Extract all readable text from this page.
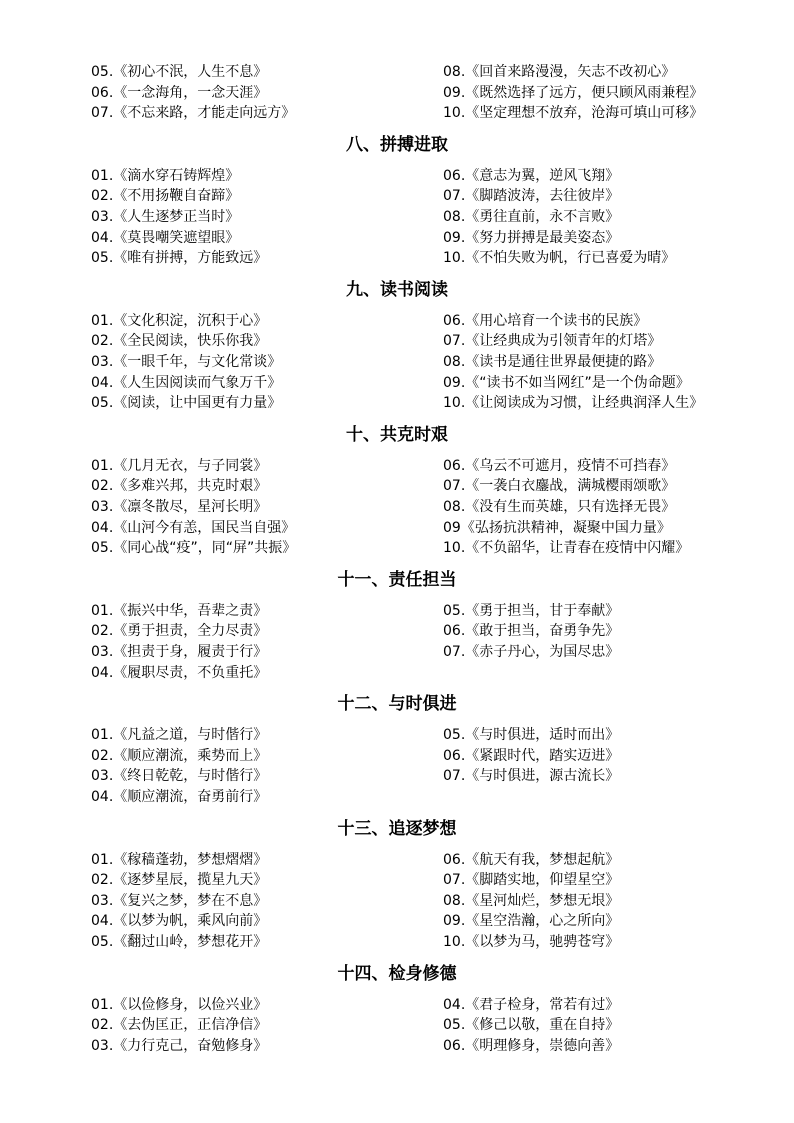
05.《初心不泯，人生不息》
06.《一念海角，一念天涯》
07.《不忘来路，才能走向远方》
08.《回首来路漫漫，矢志不改初心》
09.《既然选择了远方，便只顾风雨兼程》
10.《坚定理想不放弃，沧海可填山可移》
八、拼搏进取
01.《滴水穿石铸辉煌》
02.《不用扬鞭自奋蹄》
03.《人生逐梦正当时》
04.《莫畏嘲笑遮望眼》
05.《唯有拼搏，方能致远》
06.《意志为翼，逆风飞翔》
07.《脚踏波涛，去往彼岸》
08.《勇往直前，永不言败》
09.《努力拼搏是最美姿态》
10.《不怕失败为帆，行已喜爱为晴》
九、读书阅读
01.《文化积淀，沉积于心》
02.《全民阅读，快乐你我》
03.《一眼千年，与文化常谈》
04.《人生因阅读而气象万千》
05.《阅读，让中国更有力量》
06.《用心培育一个读书的民族》
07.《让经典成为引领青年的灯塔》
08.《读书是通往世界最便捷的路》
09.《“读书不如当网红”是一个伪命题》
10.《让阅读成为习惯，让经典润泽人生》
十、共克时艰
01.《几月无衣，与子同裳》
02.《多难兴邦，共克时艰》
03.《凛冬散尽，星河长明》
04.《山河今有恙，国民当自强》
05.《同心战“疫”，同“屏”共振》
06.《乌云不可遮月，疫情不可挡春》
07.《一袭白衣鏖战，满城樱雨颂歌》
08.《没有生而英雄，只有选择无畏》
09《弘扬抗洪精神，凝聚中国力量》
10.《不负韶华，让青春在疫情中闪耀》
十一、责任担当
01.《振兴中华，吾辈之责》
02.《勇于担责，全力尽责》
03.《担责于身，履责于行》
04.《履职尽责，不负重托》
05.《勇于担当，甘于奉献》
06.《敢于担当，奋勇争先》
07.《赤子丹心，为国尽忠》
十二、与时俱进
01.《凡益之道，与时偕行》
02.《顺应潮流，乘势而上》
03.《终日乾乾，与时偕行》
04.《顺应潮流，奋勇前行》
05.《与时俱进，适时而出》
06.《紧跟时代，踏实迈进》
07.《与时俱进，源古流长》
十三、追逐梦想
01.《稼穑蓬勃，梦想熠熠》
02.《逐梦星辰，揽星九天》
03.《复兴之梦，梦在不息》
04.《以梦为帆，乘风向前》
05.《翻过山岭，梦想花开》
06.《航天有我，梦想起航》
07.《脚踏实地，仰望星空》
08.《星河灿烂，梦想无垠》
09.《星空浩瀚，心之所向》
10.《以梦为马，驰骋苍穹》
十四、检身修德
01.《以俭修身，以俭兴业》
02.《去伪匡正，正信净信》
03.《力行克己，奋勉修身》
04.《君子检身，常若有过》
05.《修己以敬，重在自持》
06.《明理修身，崇德向善》
